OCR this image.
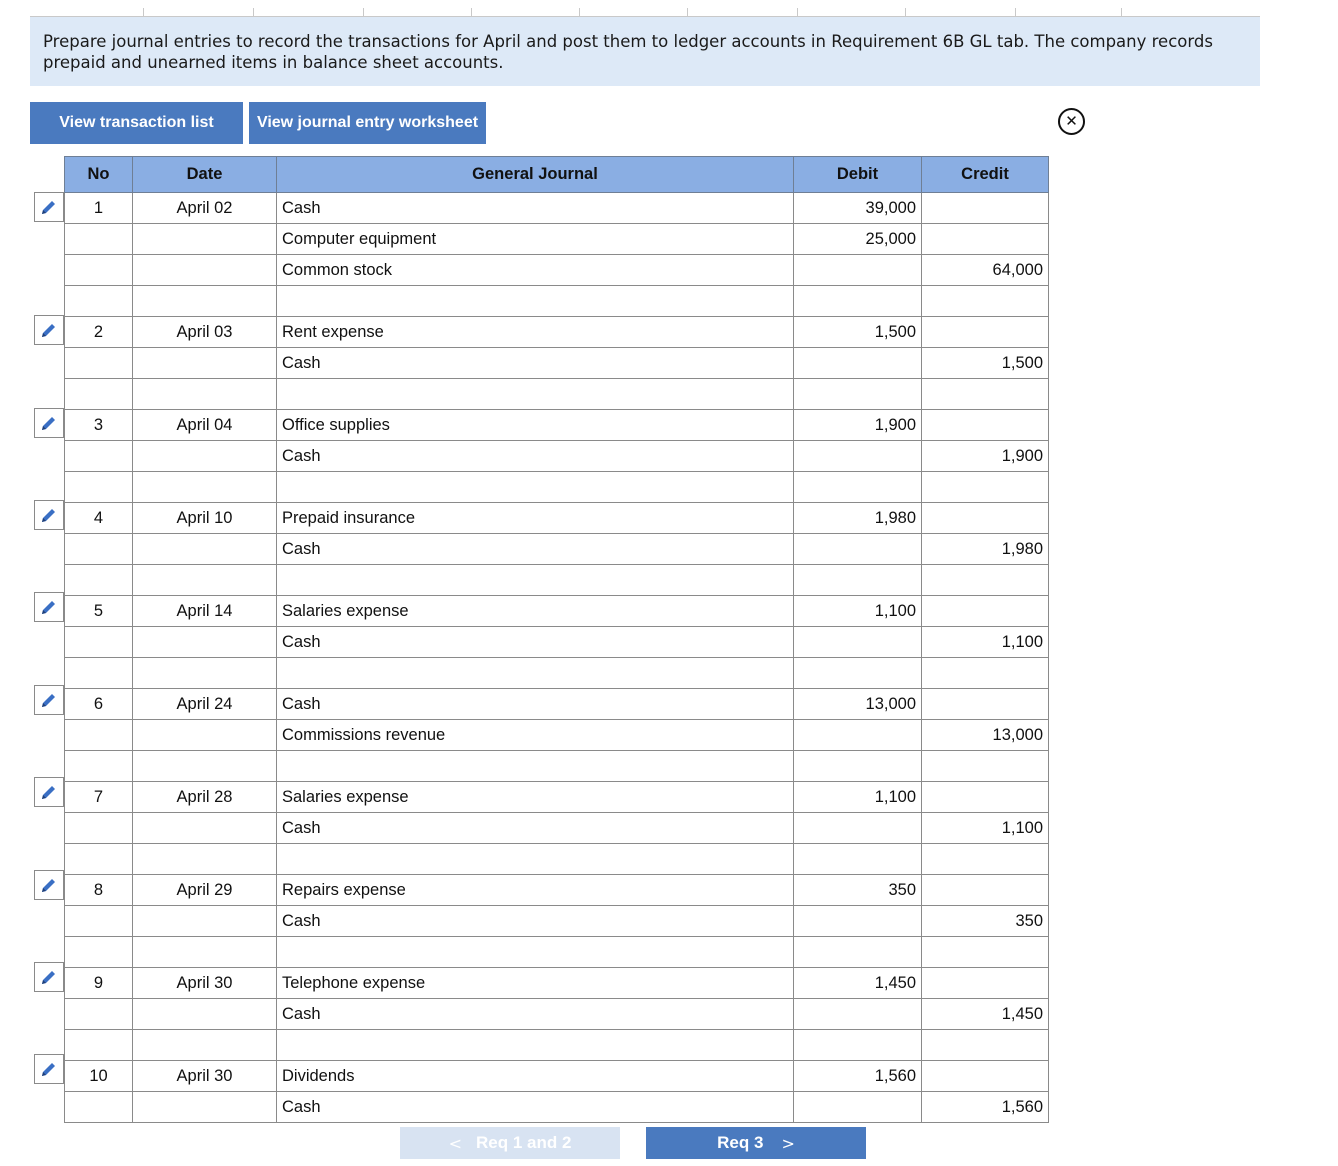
Prepare journal entries to record the transactions for April and post them to ledger accounts in Requirement 6B GL tab. The company records prepaid and unearned items in balance sheet accounts.
View transaction list	View journal entry worksheet	✕
No	Date	General Journal	Debit	Credit
1	April 02	Cash	39,000	
		Computer equipment	25,000	
		Common stock		64,000

2	April 03	Rent expense	1,500	
		Cash		1,500

3	April 04	Office supplies	1,900	
		Cash		1,900

4	April 10	Prepaid insurance	1,980	
		Cash		1,980

5	April 14	Salaries expense	1,100	
		Cash		1,100

6	April 24	Cash	13,000	
		Commissions revenue		13,000

7	April 28	Salaries expense	1,100	
		Cash		1,100

8	April 29	Repairs expense	350	
		Cash		350

9	April 30	Telephone expense	1,450	
		Cash		1,450

10	April 30	Dividends	1,560	
		Cash		1,560
< Req 1 and 2	Req 3 >
